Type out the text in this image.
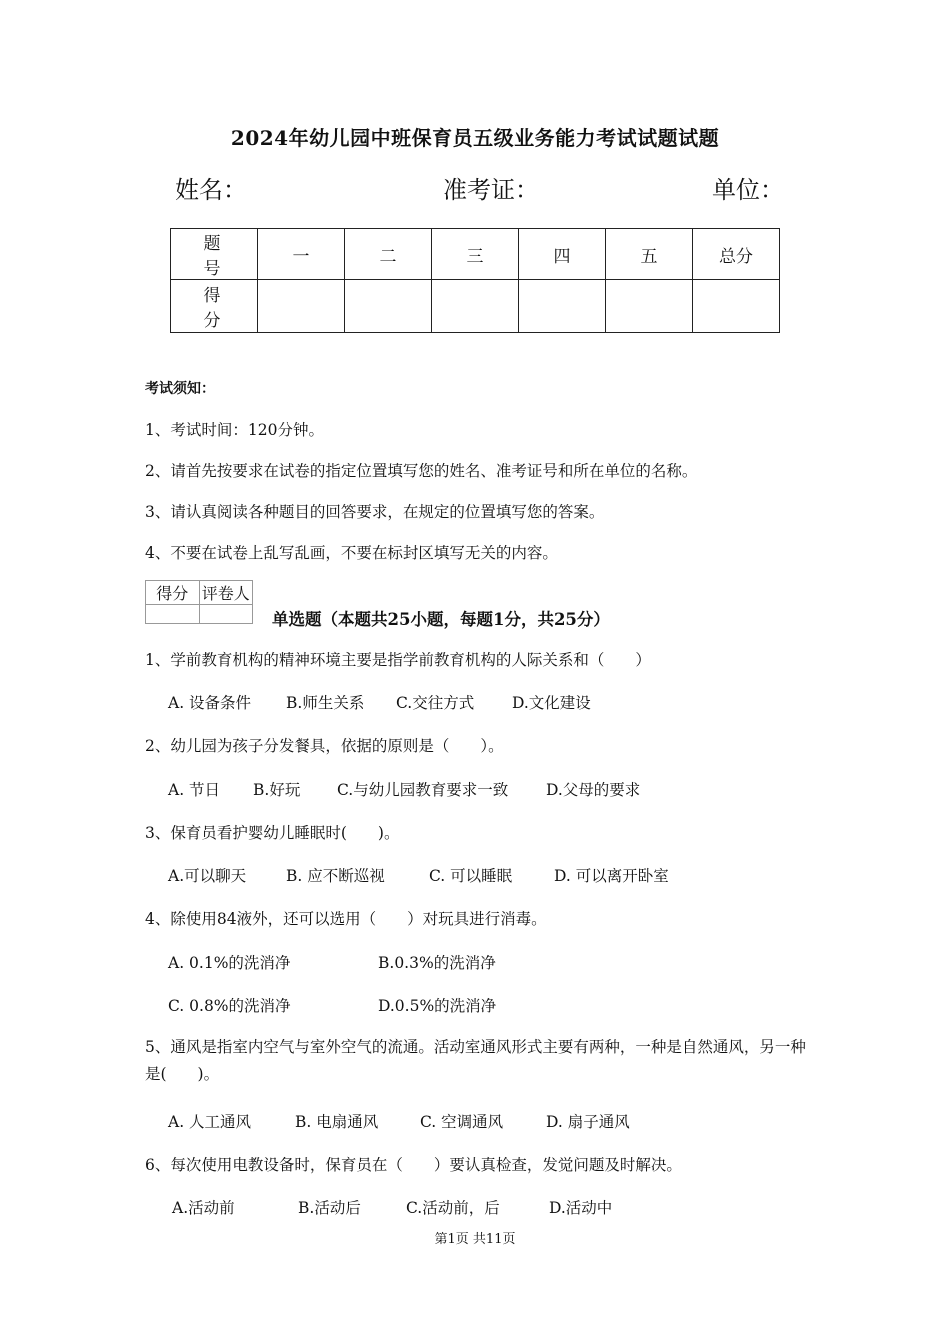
2024年幼儿园中班保育员五级业务能力考试试题试题
姓名：	准考证：	单位：
题 号	一	二	三	四	五	总分
得 分						
考试须知：
1、考试时间：120分钟。
2、请首先按要求在试卷的指定位置填写您的姓名、准考证号和所在单位的名称。
3、请认真阅读各种题目的回答要求，在规定的位置填写您的答案。
4、不要在试卷上乱写乱画，不要在标封区填写无关的内容。
得分	评卷人

单选题（本题共25小题，每题1分，共25分）
1、学前教育机构的精神环境主要是指学前教育机构的人际关系和（　　）
A. 设备条件 B.师生关系 C.交往方式 D.文化建设
2、幼儿园为孩子分发餐具，依据的原则是（　　）。
A. 节日 B.好玩 C.与幼儿园教育要求一致 D.父母的要求
3、保育员看护婴幼儿睡眠时(　　)。
A.可以聊天	B. 应不断巡视	C. 可以睡眠	D. 可以离开卧室
4、除使用84液外，还可以选用（　　）对玩具进行消毒。
A. 0.1%的洗消净	B.0.3%的洗消净
C. 0.8%的洗消净	D.0.5%的洗消净
5、通风是指室内空气与室外空气的流通。活动室通风形式主要有两种，一种是自然通风，另一种是(　　)。
A. 人工通风	B. 电扇通风	C. 空调通风	D. 扇子通风
6、每次使用电教设备时，保育员在（　　）要认真检查，发觉问题及时解决。
A.活动前	B.活动后	C.活动前，后	D.活动中
第1页 共11页
